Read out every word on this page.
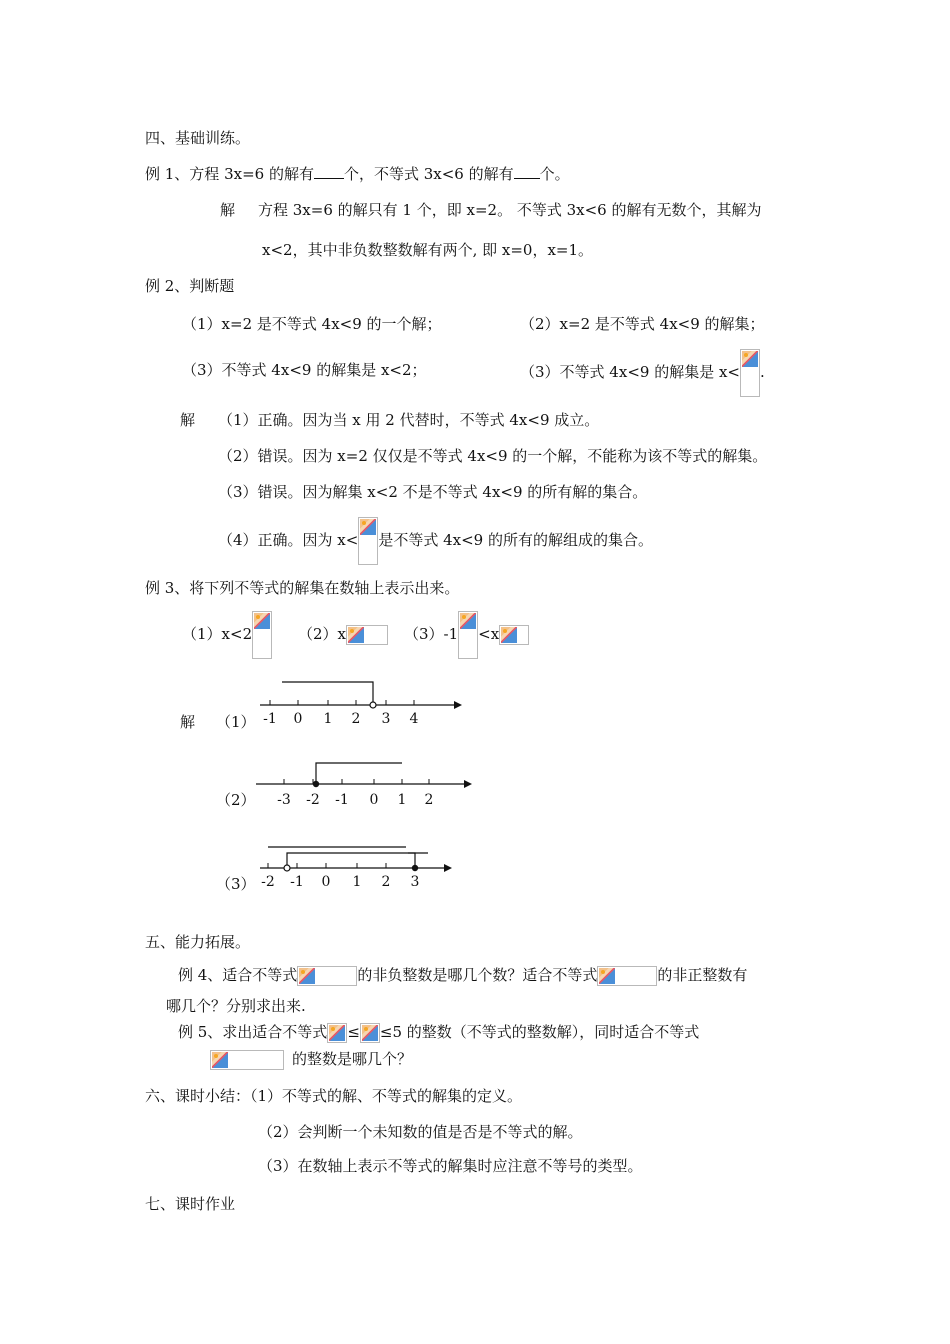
四、基础训练。
例 1、方程 3x=6 的解有 个，不等式 3x<6 的解有 个。
解 方程 3x=6 的解只有 1 个，即 x=2。 不等式 3x<6 的解有无数个，其解为
x<2，其中非负数整数解有两个, 即 x=0，x=1。
例 2、判断题
（1）x=2 是不等式 4x<9 的一个解；	（2）x=2 是不等式 4x<9 的解集；
（3）不等式 4x<9 的解集是 x<2；	（3）不等式 4x<9 的解集是 x< .
解 （1）正确。因为当 x 用 2 代替时，不等式 4x<9 成立。
（2）错误。因为 x=2 仅仅是不等式 4x<9 的一个解，不能称为该不等式的解集。
（3）错误。因为解集 x<2 不是不等式 4x<9 的所有解的集合。
（4）正确。因为 x< 是不等式 4x<9 的所有的解组成的集合。
例 3、将下列不等式的解集在数轴上表示出来。
（1）x<2	（2）x	（3）-1 <x
解 （1）
（2）
（3）
-1 0 1 2 3 4
-3 -2 -1 0 1 2
-2 -1 0 1 2 3
五、能力拓展。
例 4、适合不等式	的非负整数是哪几个数？适合不等式	的非正整数有
哪几个？分别求出来.
例 5、求出适合不等式 ≤ ≤5 的整数（不等式的整数解），同时适合不等式
的整数是哪几个？
六、课时小结：（1）不等式的解、不等式的解集的定义。
（2）会判断一个未知数的值是否是不等式的解。
（3）在数轴上表示不等式的解集时应注意不等号的类型。
七、课时作业
